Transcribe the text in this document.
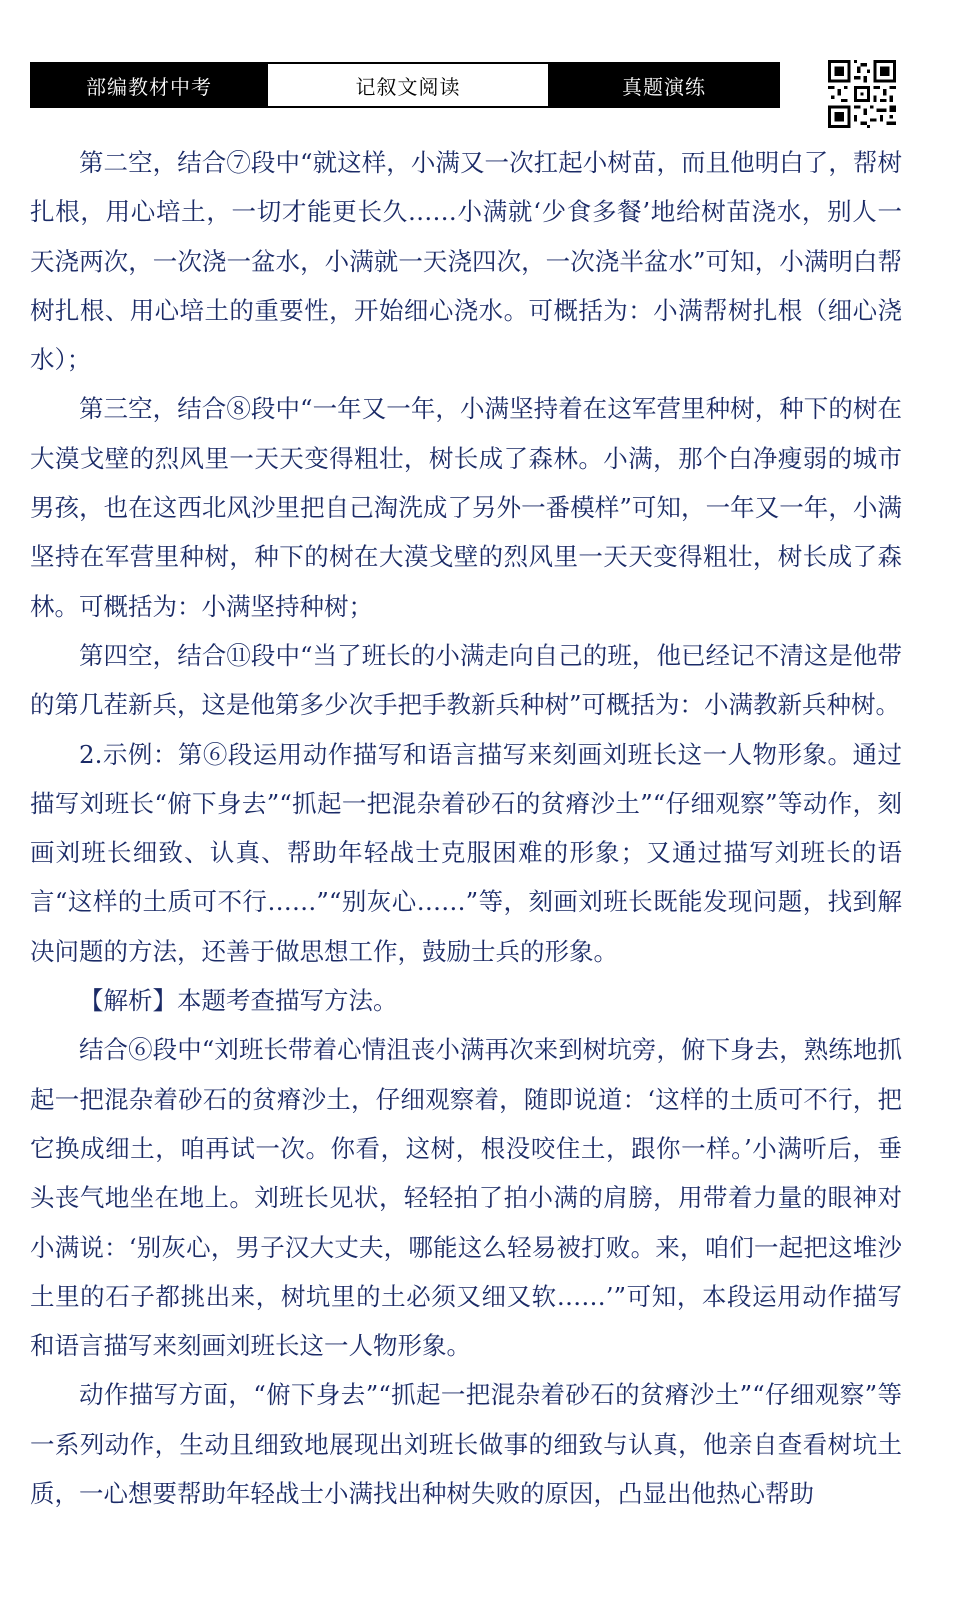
部编教材中考	记叙文阅读	真题演练

第二空，结合⑦段中“就这样，小满又一次扛起小树苗，而且他明白了，帮树扎根，用心培土，一切才能更长久……小满就‘少食多餐’地给树苗浇水，别人一天浇两次，一次浇一盆水，小满就一天浇四次，一次浇半盆水”可知，小满明白帮树扎根、用心培土的重要性，开始细心浇水。可概括为：小满帮树扎根（细心浇水）；

第三空，结合⑧段中“一年又一年，小满坚持着在这军营里种树，种下的树在大漠戈壁的烈风里一天天变得粗壮，树长成了森林。小满，那个白净瘦弱的城市男孩，也在这西北风沙里把自己淘洗成了另外一番模样”可知，一年又一年，小满坚持在军营里种树，种下的树在大漠戈壁的烈风里一天天变得粗壮，树长成了森林。可概括为：小满坚持种树；

第四空，结合⑪段中“当了班长的小满走向自己的班，他已经记不清这是他带的第几茬新兵，这是他第多少次手把手教新兵种树”可概括为：小满教新兵种树。

2.示例：第⑥段运用动作描写和语言描写来刻画刘班长这一人物形象。通过描写刘班长“俯下身去”“抓起一把混杂着砂石的贫瘠沙土”“仔细观察”等动作，刻画刘班长细致、认真、帮助年轻战士克服困难的形象；又通过描写刘班长的语言“这样的土质可不行……”“别灰心……”等，刻画刘班长既能发现问题，找到解决问题的方法，还善于做思想工作，鼓励士兵的形象。

【解析】本题考查描写方法。

结合⑥段中“刘班长带着心情沮丧小满再次来到树坑旁，俯下身去，熟练地抓起一把混杂着砂石的贫瘠沙土，仔细观察着，随即说道：‘这样的土质可不行，把它换成细土，咱再试一次。你看，这树，根没咬住土，跟你一样。’小满听后，垂头丧气地坐在地上。刘班长见状，轻轻拍了拍小满的肩膀，用带着力量的眼神对小满说：‘别灰心，男子汉大丈夫，哪能这么轻易被打败。来，咱们一起把这堆沙土里的石子都挑出来，树坑里的土必须又细又软……’”可知，本段运用动作描写和语言描写来刻画刘班长这一人物形象。

动作描写方面，“俯下身去”“抓起一把混杂着砂石的贫瘠沙土”“仔细观察”等一系列动作，生动且细致地展现出刘班长做事的细致与认真，他亲自查看树坑土质，一心想要帮助年轻战士小满找出种树失败的原因，凸显出他热心帮助
